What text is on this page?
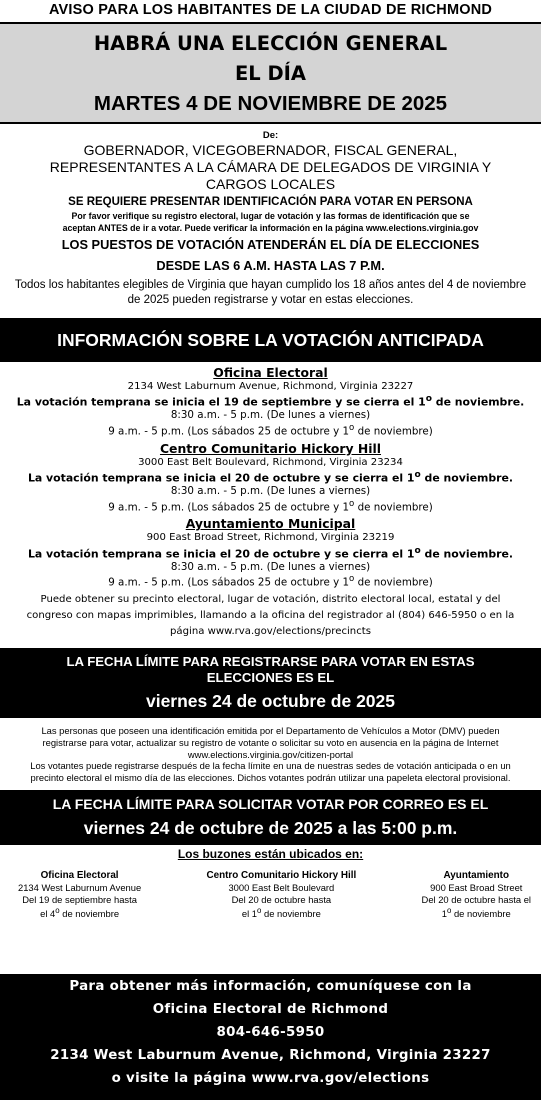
AVISO PARA LOS HABITANTES DE LA CIUDAD DE RICHMOND
HABRÁ UNA ELECCIÓN GENERAL
EL DÍA
MARTES 4 DE NOVIEMBRE DE 2025
De:
GOBERNADOR, VICEGOBERNADOR, FISCAL GENERAL,
REPRESENTANTES A LA CÁMARA DE DELEGADOS DE VIRGINIA Y
CARGOS LOCALES
SE REQUIERE PRESENTAR IDENTIFICACIÓN PARA VOTAR EN PERSONA
Por favor verifique su registro electoral, lugar de votación y las formas de identificación que se
aceptan ANTES de ir a votar. Puede verificar la información en la página www.elections.virginia.gov
LOS PUESTOS DE VOTACIÓN ATENDERÁN EL DÍA DE ELECCIONES
DESDE LAS 6 A.M. HASTA LAS 7 P.M.
Todos los habitantes elegibles de Virginia que hayan cumplido los 18 años antes del 4 de noviembre de 2025 pueden registrarse y votar en estas elecciones.
INFORMACIÓN SOBRE LA VOTACIÓN ANTICIPADA
Oficina Electoral
2134 West Laburnum Avenue, Richmond, Virginia 23227
La votación temprana se inicia el 19 de septiembre y se cierra el 1$^o$ de noviembre.
8:30 a.m. - 5 p.m. (De lunes a viernes)
9 a.m. - 5 p.m. (Los sábados 25 de octubre y 1$^o$ de noviembre)
Centro Comunitario Hickory Hill
3000 East Belt Boulevard, Richmond, Virginia 23234
La votación temprana se inicia el 20 de octubre y se cierra el 1$^o$ de noviembre.
8:30 a.m. - 5 p.m. (De lunes a viernes)
9 a.m. - 5 p.m. (Los sábados 25 de octubre y 1$^o$ de noviembre)
Ayuntamiento Municipal
900 East Broad Street, Richmond, Virginia 23219
La votación temprana se inicia el 20 de octubre y se cierra el 1$^o$ de noviembre.
8:30 a.m. - 5 p.m. (De lunes a viernes)
9 a.m. - 5 p.m. (Los sábados 25 de octubre y 1$^o$ de noviembre)
Puede obtener su precinto electoral, lugar de votación, distrito electoral local, estatal y del congreso con mapas imprimibles, llamando a la oficina del registrador al (804) 646-5950 o en la página www.rva.gov/elections/precincts
LA FECHA LÍMITE PARA REGISTRARSE PARA VOTAR EN ESTAS
ELECCIONES ES EL
viernes 24 de octubre de 2025
Las personas que poseen una identificación emitida por el Departamento de Vehículos a Motor (DMV) pueden registrarse para votar, actualizar su registro de votante o solicitar su voto en ausencia en la página de Internet www.elections.virginia.gov/citizen-portal
Los votantes puede registrarse después de la fecha límite en una de nuestras sedes de votación anticipada o en un precinto electoral el mismo día de las elecciones. Dichos votantes podrán utilizar una papeleta electoral provisional.
LA FECHA LÍMITE PARA SOLICITAR VOTAR POR CORREO ES EL
viernes 24 de octubre de 2025 a las 5:00 p.m.
Los buzones están ubicados en:
Oficina Electoral
2134 West Laburnum Avenue
Del 19 de septiembre hasta
el 4$^o$ de noviembre
Centro Comunitario Hickory Hill
3000 East Belt Boulevard
Del 20 de octubre hasta
el 1$^o$ de noviembre
Ayuntamiento
900 East Broad Street
Del 20 de octubre hasta el
1$^o$ de noviembre
Para obtener más información, comuníquese con la
Oficina Electoral de Richmond
804-646-5950
2134 West Laburnum Avenue, Richmond, Virginia 23227
o visite la página www.rva.gov/elections
